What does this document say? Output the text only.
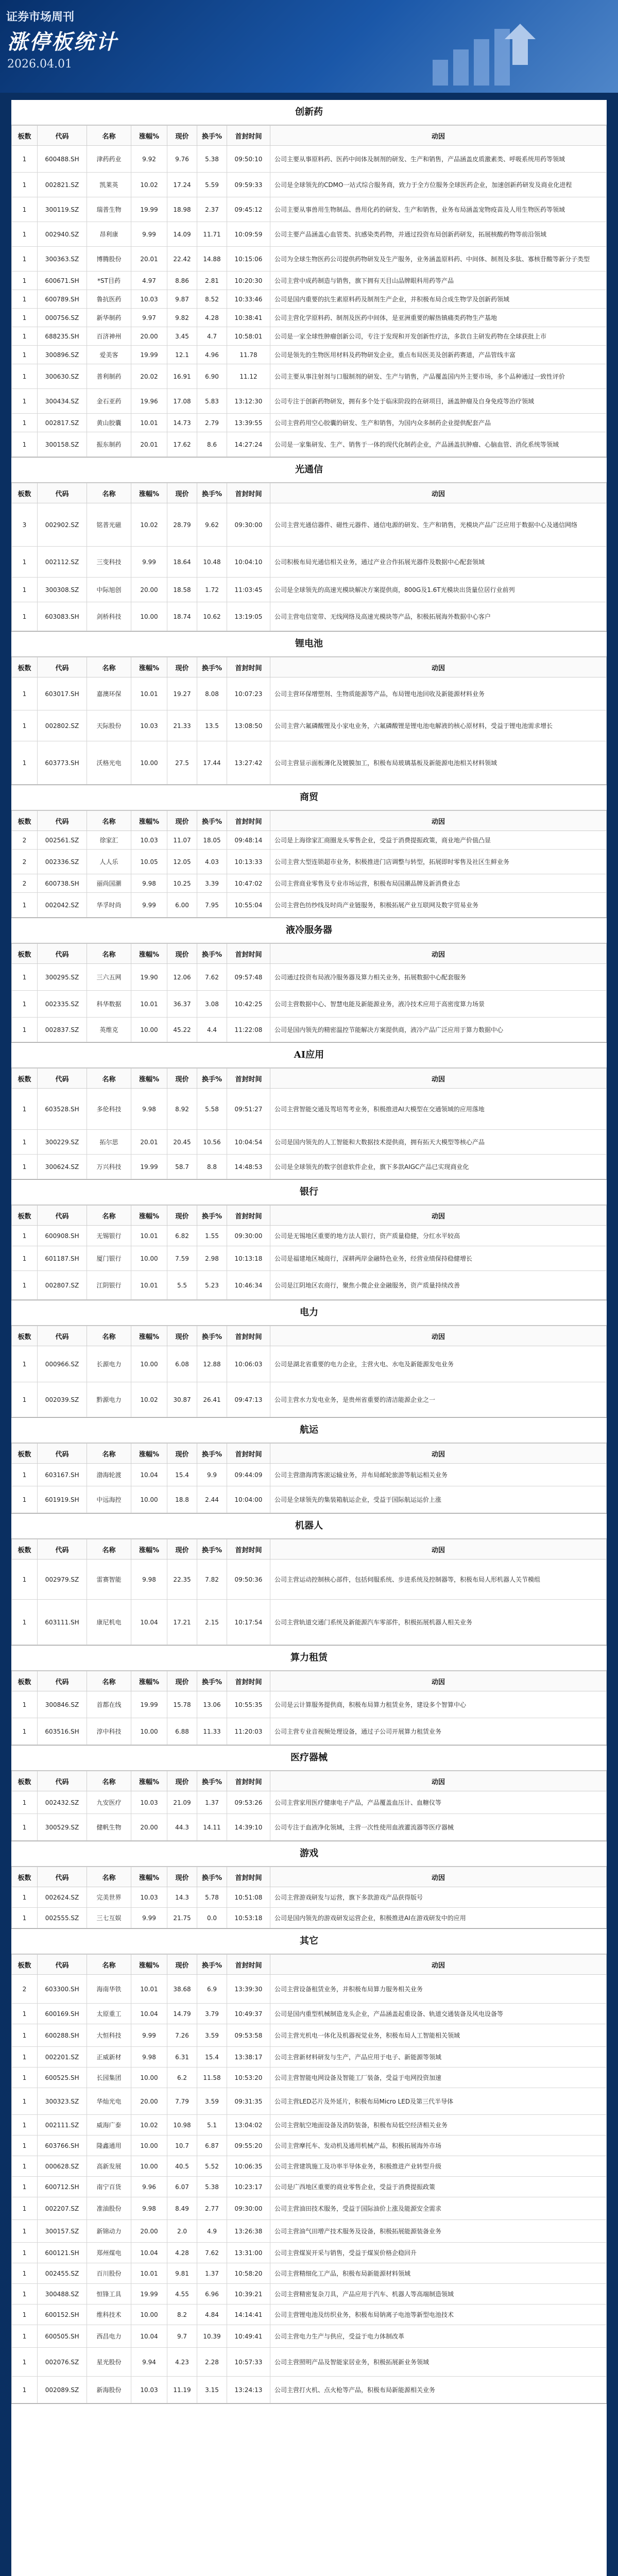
证券市场周刊
涨停板统计
2026.04.01
创新药
板数	代码	名称	涨幅%	现价	换手%	首封时间	动因
1	600488.SH	津药药业	9.92	9.76	5.38	09:50:10	公司主要从事原料药、医药中间体及制剂的研发、生产和销售，产品涵盖皮质激素类、呼吸系统用药等领域
1	002821.SZ	凯莱英	10.02	17.24	5.59	09:59:33	公司是全球领先的CDMO一站式综合服务商，致力于全方位服务全球医药企业，加速创新药研发及商业化进程
1	300119.SZ	瑞普生物	19.99	18.98	2.37	09:45:12	公司主要从事兽用生物制品、兽用化药的研发、生产和销售，业务布局涵盖宠物疫苗及人用生物医药等领域
1	002940.SZ	昂利康	9.99	14.09	11.71	10:09:59	公司主要产品涵盖心血管类、抗感染类药物，并通过投资布局创新药研发，拓展核酸药物等前沿领域
1	300363.SZ	博腾股份	20.01	22.42	14.88	10:15:06	公司为全球生物医药公司提供药物研发及生产服务，业务涵盖原料药、中间体、制剂及多肽、寡核苷酸等新分子类型
1	600671.SH	*ST目药	4.97	8.86	2.81	10:20:30	公司主营中成药制造与销售，旗下拥有天目山品牌眼科用药等产品
1	600789.SH	鲁抗医药	10.03	9.87	8.52	10:33:46	公司是国内重要的抗生素原料药及制剂生产企业，并积极布局合成生物学及创新药领域
1	000756.SZ	新华制药	9.97	9.82	4.28	10:38:41	公司主营化学原料药、制剂及医药中间体，是亚洲重要的解热镇痛类药物生产基地
1	688235.SH	百济神州	20.00	3.45	4.7	10:58:01	公司是一家全球性肿瘤创新公司，专注于发现和开发创新性疗法，多款自主研发药物在全球获批上市
1	300896.SZ	爱美客	19.99	12.1	4.96	11.78	公司是领先的生物医用材料及药物研发企业，重点布局医美及创新药赛道，产品管线丰富
1	300630.SZ	普利制药	20.02	16.91	6.90	11.12	公司主要从事注射剂与口服制剂的研发、生产与销售，产品覆盖国内外主要市场，多个品种通过一致性评价
1	300434.SZ	金石亚药	19.96	17.08	5.83	13:12:30	公司专注于创新药物研发，拥有多个处于临床阶段的在研项目，涵盖肿瘤及自身免疫等治疗领域
1	002817.SZ	黄山胶囊	10.01	14.73	2.79	13:39:55	公司主营药用空心胶囊的研发、生产和销售，为国内众多制药企业提供配套产品
1	300158.SZ	振东制药	20.01	17.62	8.6	14:27:24	公司是一家集研发、生产、销售于一体的现代化制药企业，产品涵盖抗肿瘤、心脑血管、消化系统等领域
光通信
板数	代码	名称	涨幅%	现价	换手%	首封时间	动因
3	002902.SZ	铭普光磁	10.02	28.79	9.62	09:30:00	公司主营光通信器件、磁性元器件、通信电源的研发、生产和销售，光模块产品广泛应用于数据中心及通信网络
1	002112.SZ	三变科技	9.99	18.64	10.48	10:04:10	公司积极布局光通信相关业务，通过产业合作拓展光器件及数据中心配套领域
1	300308.SZ	中际旭创	20.00	18.58	1.72	11:03:45	公司是全球领先的高速光模块解决方案提供商，800G及1.6T光模块出货量位居行业前列
1	603083.SH	剑桥科技	10.00	18.74	10.62	13:19:05	公司主营电信宽带、无线网络及高速光模块等产品，积极拓展海外数据中心客户
锂电池
板数	代码	名称	涨幅%	现价	换手%	首封时间	动因
1	603017.SH	嘉澳环保	10.01	19.27	8.08	10:07:23	公司主营环保增塑剂、生物质能源等产品，布局锂电池回收及新能源材料业务
1	002802.SZ	天际股份	10.03	21.33	13.5	13:08:50	公司主营六氟磷酸锂及小家电业务，六氟磷酸锂是锂电池电解液的核心原材料，受益于锂电池需求增长
1	603773.SH	沃格光电	10.00	27.5	17.44	13:27:42	公司主营显示面板薄化及镀膜加工，积极布局玻璃基板及新能源电池相关材料领域
商贸
板数	代码	名称	涨幅%	现价	换手%	首封时间	动因
2	002561.SZ	徐家汇	10.03	11.07	18.05	09:48:14	公司是上海徐家汇商圈龙头零售企业，受益于消费提振政策，商业地产价值凸显
2	002336.SZ	人人乐	10.05	12.05	4.03	10:13:33	公司主营大型连锁超市业务，积极推进门店调整与转型，拓展即时零售及社区生鲜业务
2	600738.SH	丽尚国潮	9.98	10.25	3.39	10:47:02	公司主营商业零售及专业市场运营，积极布局国潮品牌及新消费业态
1	002042.SZ	华孚时尚	9.99	6.00	7.95	10:55:04	公司主营色纺纱线及时尚产业链服务，积极拓展产业互联网及数字贸易业务
液冷服务器
板数	代码	名称	涨幅%	现价	换手%	首封时间	动因
1	300295.SZ	三六五网	19.90	12.06	7.62	09:57:48	公司通过投资布局液冷服务器及算力相关业务，拓展数据中心配套服务
1	002335.SZ	科华数据	10.01	36.37	3.08	10:42:25	公司主营数据中心、智慧电能及新能源业务，液冷技术应用于高密度算力场景
1	002837.SZ	英维克	10.00	45.22	4.4	11:22:08	公司是国内领先的精密温控节能解决方案提供商，液冷产品广泛应用于算力数据中心
AI应用
板数	代码	名称	涨幅%	现价	换手%	首封时间	动因
1	603528.SH	多伦科技	9.98	8.92	5.58	09:51:27	公司主营智能交通及驾培驾考业务，积极推进AI大模型在交通领域的应用落地
1	300229.SZ	拓尔思	20.01	20.45	10.56	10:04:54	公司是国内领先的人工智能和大数据技术提供商，拥有拓天大模型等核心产品
1	300624.SZ	万兴科技	19.99	58.7	8.8	14:48:53	公司是全球领先的数字创意软件企业，旗下多款AIGC产品已实现商业化
银行
板数	代码	名称	涨幅%	现价	换手%	首封时间	动因
1	600908.SH	无锡银行	10.01	6.82	1.55	09:30:00	公司是无锡地区重要的地方法人银行，资产质量稳健，分红水平较高
1	601187.SH	厦门银行	10.00	7.59	2.98	10:13:18	公司是福建地区城商行，深耕两岸金融特色业务，经营业绩保持稳健增长
1	002807.SZ	江阴银行	10.01	5.5	5.23	10:46:34	公司是江阴地区农商行，聚焦小微企业金融服务，资产质量持续改善
电力
板数	代码	名称	涨幅%	现价	换手%	首封时间	动因
1	000966.SZ	长源电力	10.00	6.08	12.88	10:06:03	公司是湖北省重要的电力企业，主营火电、水电及新能源发电业务
1	002039.SZ	黔源电力	10.02	30.87	26.41	09:47:13	公司主营水力发电业务，是贵州省重要的清洁能源企业之一
航运
板数	代码	名称	涨幅%	现价	换手%	首封时间	动因
1	603167.SH	渤海轮渡	10.04	15.4	9.9	09:44:09	公司主营渤海湾客滚运输业务，并布局邮轮旅游等航运相关业务
1	601919.SH	中远海控	10.00	18.8	2.44	10:04:00	公司是全球领先的集装箱航运企业，受益于国际航运运价上涨
机器人
板数	代码	名称	涨幅%	现价	换手%	首封时间	动因
1	002979.SZ	雷赛智能	9.98	22.35	7.82	09:50:36	公司主营运动控制核心部件，包括伺服系统、步进系统及控制器等，积极布局人形机器人关节模组
1	603111.SH	康尼机电	10.04	17.21	2.15	10:17:54	公司主营轨道交通门系统及新能源汽车零部件，积极拓展机器人相关业务
算力租赁
板数	代码	名称	涨幅%	现价	换手%	首封时间	动因
1	300846.SZ	首都在线	19.99	15.78	13.06	10:55:35	公司是云计算服务提供商，积极布局算力租赁业务，建设多个智算中心
1	603516.SH	淳中科技	10.00	6.88	11.33	11:20:03	公司主营专业音视频处理设备，通过子公司开展算力租赁业务
医疗器械
板数	代码	名称	涨幅%	现价	换手%	首封时间	动因
1	002432.SZ	九安医疗	10.03	21.09	1.37	09:53:26	公司主营家用医疗健康电子产品，产品覆盖血压计、血糖仪等
1	300529.SZ	健帆生物	20.00	44.3	14.11	14:39:10	公司专注于血液净化领域，主营一次性使用血液灌流器等医疗器械
游戏
板数	代码	名称	涨幅%	现价	换手%	首封时间	动因
1	002624.SZ	完美世界	10.03	14.3	5.78	10:51:08	公司主营游戏研发与运营，旗下多款游戏产品获得版号
1	002555.SZ	三七互娱	9.99	21.75	0.0	10:53:18	公司是国内领先的游戏研发运营企业，积极推进AI在游戏研发中的应用
其它
板数	代码	名称	涨幅%	现价	换手%	首封时间	动因
2	603300.SH	海南华铁	10.01	38.68	6.9	13:39:30	公司主营设备租赁业务，并积极布局算力服务相关业务
1	600169.SH	太原重工	10.04	14.79	3.79	10:49:37	公司是国内重型机械制造龙头企业，产品涵盖起重设备、轨道交通装备及风电设备等
1	600288.SH	大恒科技	9.99	7.26	3.59	09:53:58	公司主营光机电一体化及机器视觉业务，积极布局人工智能相关领域
1	002201.SZ	正威新材	9.98	6.31	15.4	13:38:17	公司主营新材料研发与生产，产品应用于电子、新能源等领域
1	600525.SH	长园集团	10.00	6.2	11.58	10:53:20	公司主营智能电网设备及智能工厂装备，受益于电网投资加速
1	300323.SZ	华灿光电	20.00	7.79	3.59	09:31:35	公司主营LED芯片及外延片，积极布局Micro LED及第三代半导体
1	002111.SZ	威海广泰	10.02	10.98	5.1	13:04:02	公司主营航空地面设备及消防装备，积极布局低空经济相关业务
1	603766.SH	隆鑫通用	10.00	10.7	6.87	09:55:20	公司主营摩托车、发动机及通用机械产品，积极拓展海外市场
1	000628.SZ	高新发展	10.00	40.5	5.52	10:06:35	公司主营建筑施工及功率半导体业务，积极推进产业转型升级
1	600712.SH	南宁百货	9.96	6.07	5.38	10:23:17	公司是广西地区重要的商业零售企业，受益于消费提振政策
1	002207.SZ	准油股份	9.98	8.49	2.77	09:30:00	公司主营油田技术服务，受益于国际油价上涨及能源安全需求
1	300157.SZ	新锦动力	20.00	2.0	4.9	13:26:38	公司主营油气田增产技术服务及设备，积极拓展能源装备业务
1	600121.SH	郑州煤电	10.04	4.28	7.62	13:31:00	公司主营煤炭开采与销售，受益于煤炭价格企稳回升
1	002455.SZ	百川股份	10.01	9.81	1.37	10:58:20	公司主营精细化工产品，积极布局新能源材料领域
1	300488.SZ	恒锋工具	19.99	4.55	6.96	10:39:21	公司主营精密复杂刀具，产品应用于汽车、机器人等高端制造领域
1	600152.SH	维科技术	10.00	8.2	4.84	14:14:41	公司主营锂电池及纺织业务，积极布局钠离子电池等新型电池技术
1	600505.SH	西昌电力	10.04	9.7	10.39	10:49:41	公司主营电力生产与供应，受益于电力体制改革
1	002076.SZ	星光股份	9.94	4.23	2.28	10:57:33	公司主营照明产品及智能家居业务，积极拓展新业务领域
1	002089.SZ	新海股份	10.03	11.19	3.15	13:24:13	公司主营打火机、点火枪等产品，积极布局新能源相关业务
